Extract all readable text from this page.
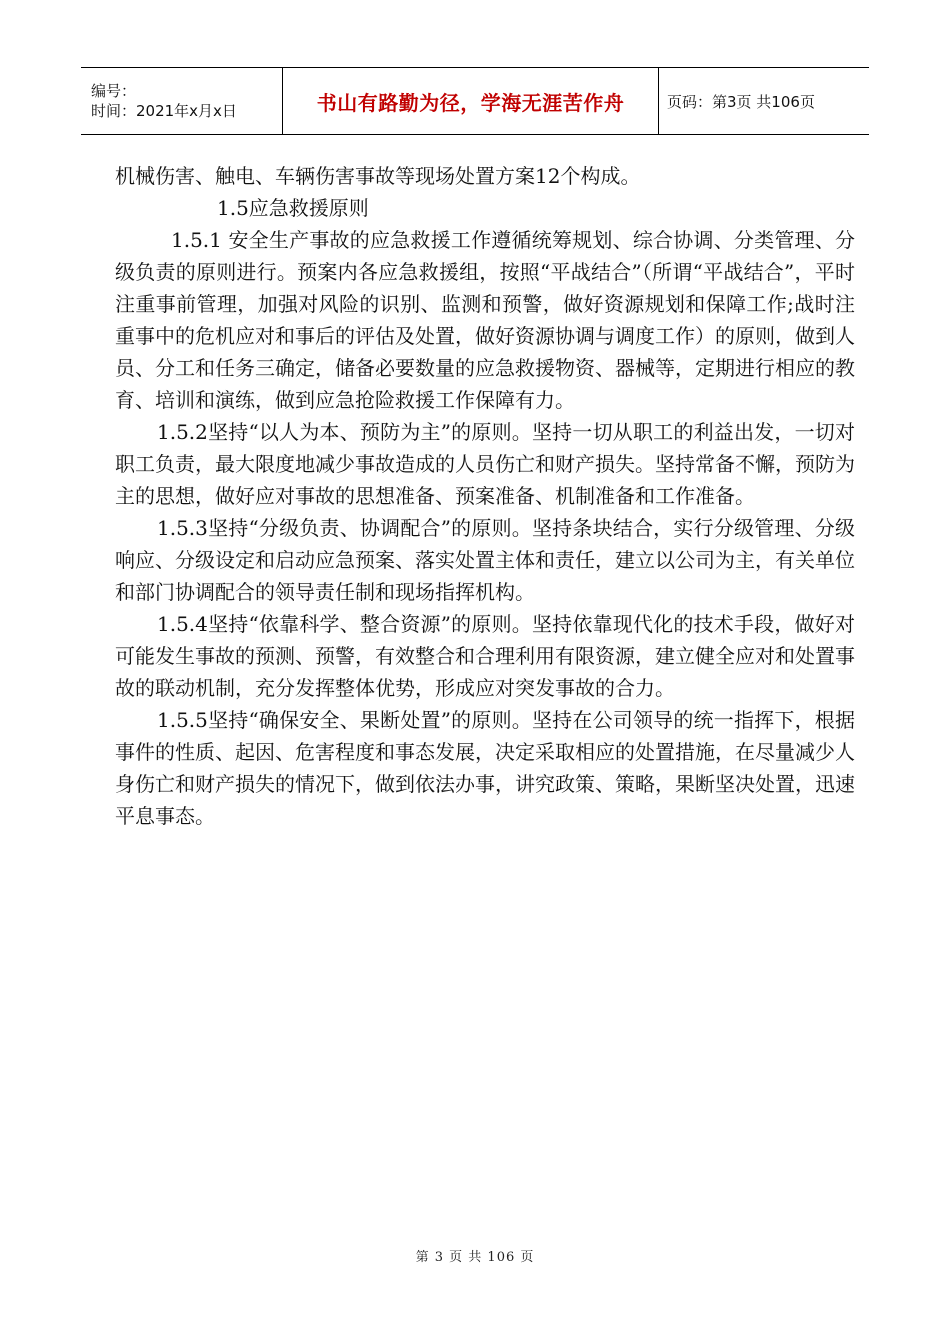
编号：
时间：2021年x月x日	书山有路勤为径，学海无涯苦作舟	页码：第3页 共106页

机械伤害、触电、车辆伤害事故等现场处置方案12个构成。

1.5应急救援原则

1.5.1 安全生产事故的应急救援工作遵循统筹规划、综合协调、分类管理、分级负责的原则进行。预案内各应急救援组，按照“平战结合”（所谓“平战结合”，平时注重事前管理，加强对风险的识别、监测和预警，做好资源规划和保障工作;战时注重事中的危机应对和事后的评估及处置，做好资源协调与调度工作）的原则，做到人员、分工和任务三确定，储备必要数量的应急救援物资、器械等，定期进行相应的教育、培训和演练，做到应急抢险救援工作保障有力。

1.5.2坚持“以人为本、预防为主”的原则。坚持一切从职工的利益出发，一切对职工负责，最大限度地减少事故造成的人员伤亡和财产损失。坚持常备不懈，预防为主的思想，做好应对事故的思想准备、预案准备、机制准备和工作准备。

1.5.3坚持“分级负责、协调配合”的原则。坚持条块结合，实行分级管理、分级响应、分级设定和启动应急预案、落实处置主体和责任，建立以公司为主，有关单位和部门协调配合的领导责任制和现场指挥机构。

1.5.4坚持“依靠科学、整合资源”的原则。坚持依靠现代化的技术手段，做好对可能发生事故的预测、预警，有效整合和合理利用有限资源，建立健全应对和处置事故的联动机制，充分发挥整体优势，形成应对突发事故的合力。

1.5.5坚持“确保安全、果断处置”的原则。坚持在公司领导的统一指挥下，根据事件的性质、起因、危害程度和事态发展，决定采取相应的处置措施，在尽量减少人身伤亡和财产损失的情况下，做到依法办事，讲究政策、策略，果断坚决处置，迅速平息事态。

第 3 页 共 106 页
